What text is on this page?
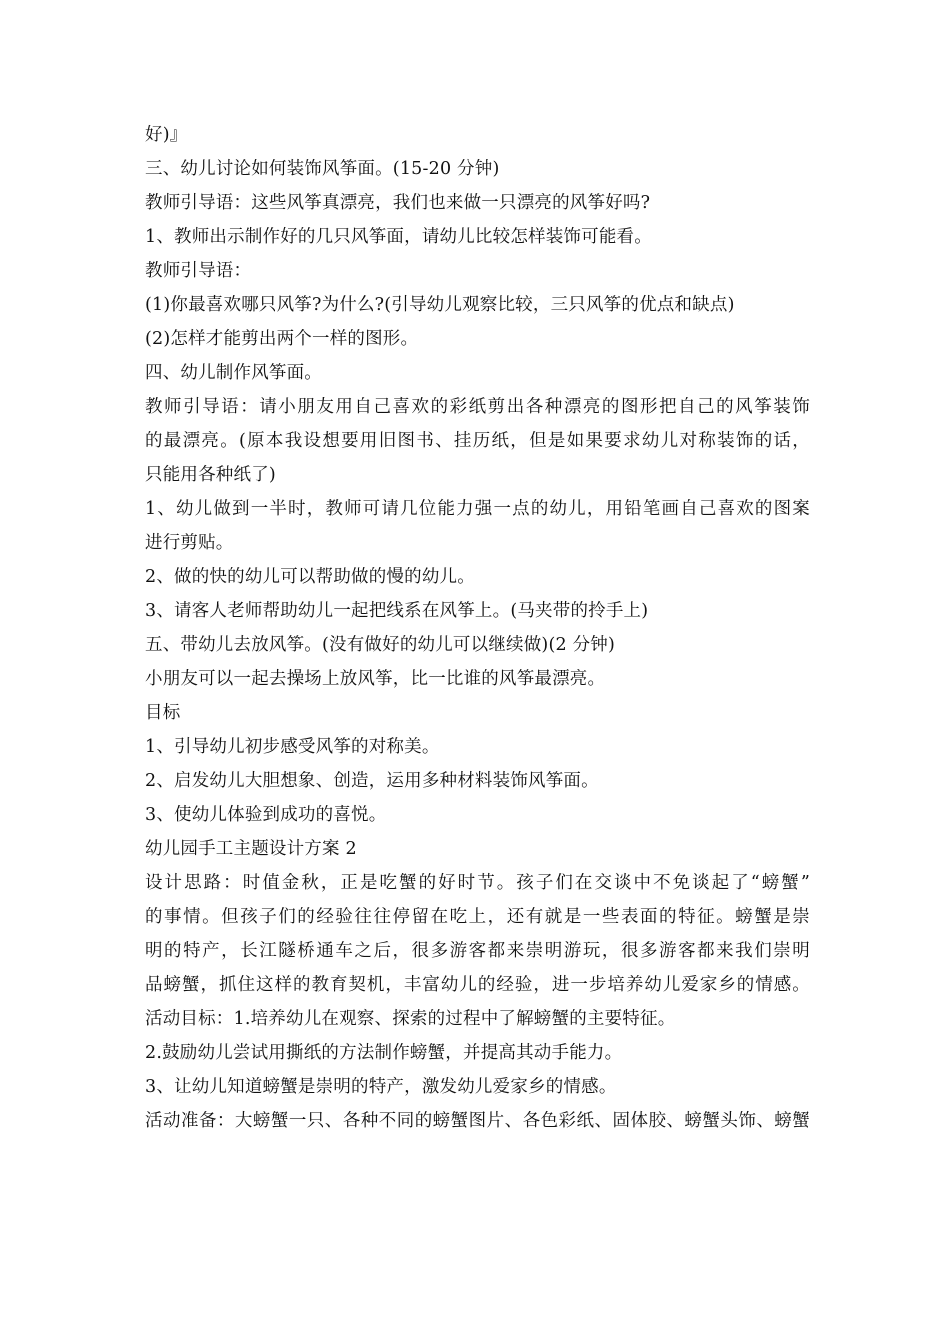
好)』
三、幼儿讨论如何装饰风筝面。(15-20 分钟)
教师引导语：这些风筝真漂亮，我们也来做一只漂亮的风筝好吗?
1、教师出示制作好的几只风筝面，请幼儿比较怎样装饰可能看。
教师引导语：
(1)你最喜欢哪只风筝?为什么?(引导幼儿观察比较，三只风筝的优点和缺点)
(2)怎样才能剪出两个一样的图形。
四、幼儿制作风筝面。
教师引导语：请小朋友用自己喜欢的彩纸剪出各种漂亮的图形把自己的风筝装饰
的最漂亮。(原本我设想要用旧图书、挂历纸，但是如果要求幼儿对称装饰的话，
只能用各种纸了)
1、幼儿做到一半时，教师可请几位能力强一点的幼儿，用铅笔画自己喜欢的图案
进行剪贴。
2、做的快的幼儿可以帮助做的慢的幼儿。
3、请客人老师帮助幼儿一起把线系在风筝上。(马夹带的拎手上)
五、带幼儿去放风筝。(没有做好的幼儿可以继续做)(2 分钟)
小朋友可以一起去操场上放风筝，比一比谁的风筝最漂亮。
目标
1、引导幼儿初步感受风筝的对称美。
2、启发幼儿大胆想象、创造，运用多种材料装饰风筝面。
3、使幼儿体验到成功的喜悦。
幼儿园手工主题设计方案 2
设计思路：时值金秋，正是吃蟹的好时节。孩子们在交谈中不免谈起了“螃蟹”
的事情。但孩子们的经验往往停留在吃上，还有就是一些表面的特征。螃蟹是崇
明的特产，长江隧桥通车之后，很多游客都来崇明游玩，很多游客都来我们崇明
品螃蟹，抓住这样的教育契机，丰富幼儿的经验，进一步培养幼儿爱家乡的情感。
活动目标：1.培养幼儿在观察、探索的过程中了解螃蟹的主要特征。
2.鼓励幼儿尝试用撕纸的方法制作螃蟹，并提高其动手能力。
3、让幼儿知道螃蟹是崇明的特产，激发幼儿爱家乡的情感。
活动准备：大螃蟹一只、各种不同的螃蟹图片、各色彩纸、固体胶、螃蟹头饰、螃蟹
